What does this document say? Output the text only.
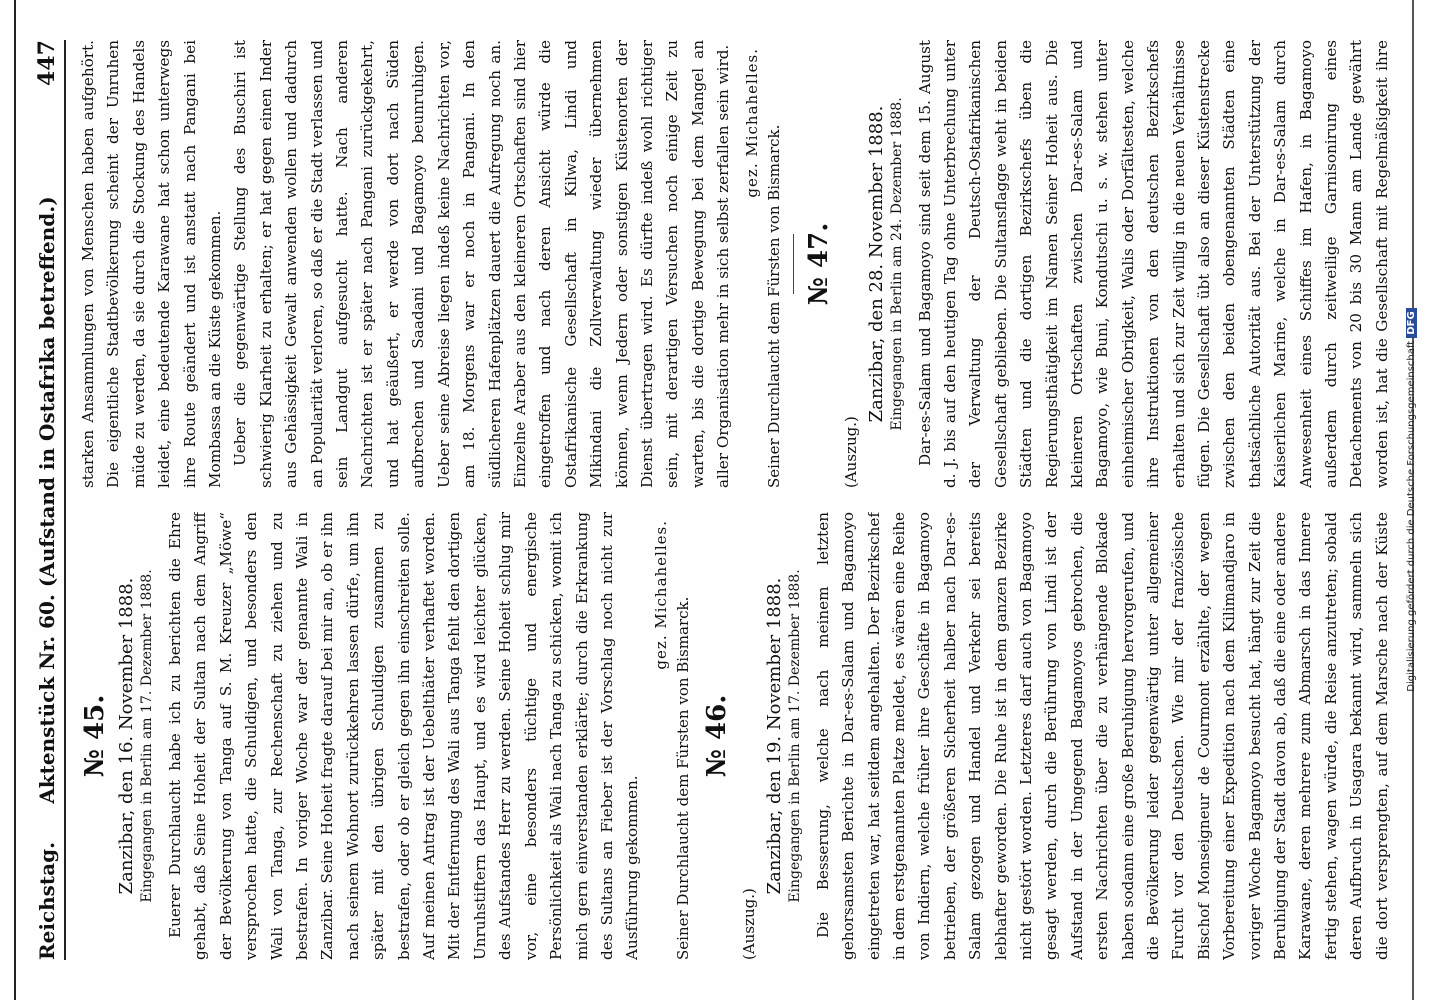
Digitalisierung gefördert durch die Deutsche Forschungsgemeinschaft DFG
Reichstag.
Aktenstück Nr. 60. (Aufstand in Ostafrika betreffend.)
447
№ 45. Zanzibar, den 16. November 1888. Eingegangen in Berlin am 17. Dezember 1888. Euerer Durchlaucht habe ich zu berichten die Ehre gehabt, daß Seine Hoheit der Sultan nach dem Angriff der Bevölkerung von Tanga auf S. M. Kreuzer „Möwe“ versprochen hatte, die Schuldigen, und besonders den Wali von Tanga, zur Rechenschaft zu ziehen und zu bestrafen. In voriger Woche war der genannte Wali in Zanzibar. Seine Hoheit fragte darauf bei mir an, ob er ihn nach seinem Wohnort zurückkehren lassen dürfe, um ihn später mit den übrigen Schuldigen zusammen zu bestrafen, oder ob er gleich gegen ihn einschreiten solle. Auf meinen Antrag ist der Uebelthäter verhaftet worden. Mit der Entfernung des Wali aus Tanga fehlt den dortigen Unruhstiftern das Haupt, und es wird leichter glücken, des Aufstandes Herr zu werden. Seine Hoheit schlug mir vor, eine besonders tüchtige und energische Persönlichkeit als Wali nach Tanga zu schicken, womit ich mich gern einverstanden erklärte; durch die Erkrankung des Sultans an Fieber ist der Vorschlag noch nicht zur Ausführung gekommen.

gez. Michahelles.

Seiner Durchlaucht dem Fürsten von Bismarck. № 46.

(Auszug.)

Zanzibar, den 19. November 1888. Eingegangen in Berlin am 17. Dezember 1888.

Die Besserung, welche nach meinem letzten gehorsamsten Berichte in Dar-es-Salam und Bagamoyo eingetreten war, hat seitdem angehalten. Der Bezirkschef in dem erstgenannten Platze meldet, es wären eine Reihe von Indiern, welche früher ihre Geschäfte in Bagamoyo betrieben, der größeren Sicherheit halber nach Dar-es-Salam gezogen und Handel und Verkehr sei bereits lebhafter geworden. Die Ruhe ist in dem ganzen Bezirke nicht gestört worden. Letzteres darf auch von Bagamoyo gesagt werden, durch die Berührung von Lindi ist der Aufstand in der Umgegend Bagamoyos gebrochen, die ersten Nachrichten über die zu verhängende Blokade haben sodann eine große Beruhigung hervorgerufen, und die Bevölkerung leider gegenwärtig unter allgemeiner Furcht vor den Deutschen. Wie mir der französische Bischof Monseigneur de Courmont erzählte, der wegen Vorbereitung einer Expedition nach dem Kilimandjaro in voriger Woche Bagamoyo besucht hat, hängt zur Zeit die Beruhigung der Stadt davon ab, daß die eine oder andere Karawane, deren mehrere zum Abmarsch in das Innere fertig stehen, wagen würde, die Reise anzutreten; sobald deren Aufbruch in Usagara bekannt wird, sammeln sich die dort versprengten, auf dem Marsche nach der Küste

starken Ansammlungen von Menschen haben aufgehört. Die eigentliche Stadtbevölkerung scheint der Unruhen müde zu werden, da sie durch die Stockung des Handels leidet, eine bedeutende Karawane hat schon unterwegs ihre Route geändert und ist anstatt nach Pangani bei Mombassa an die Küste gekommen. Ueber die gegenwärtige Stellung des Buschiri ist schwierig Klarheit zu erhalten; er hat gegen einen Inder aus Gehässigkeit Gewalt anwenden wollen und dadurch an Popularität verloren, so daß er die Stadt verlassen und sein Landgut aufgesucht hatte. Nach anderen Nachrichten ist er später nach Pangani zurückgekehrt, und hat geäußert, er werde von dort nach Süden aufbrechen und Saadani und Bagamoyo beunruhigen. Ueber seine Abreise liegen indeß keine Nachrichten vor, am 18. Morgens war er noch in Pangani. In den südlicheren Hafenplätzen dauert die Aufregung noch an. Einzelne Araber aus den kleineren Ortschaften sind hier eingetroffen und nach deren Ansicht würde die Ostafrikanische Gesellschaft in Kilwa, Lindi und Mikindani die Zollverwaltung wieder übernehmen können, wenn Jedern oder sonstigen Küstenorten der Dienst übertragen wird. Es dürfte indeß wohl richtiger sein, mit derartigen Versuchen noch einige Zeit zu warten, bis die dortige Bewegung bei dem Mangel an aller Organisation mehr in sich selbst zerfallen sein wird. gez. Michahelles.

Seiner Durchlaucht dem Fürsten von Bismarck. № 47.

(Auszug.)

Zanzibar, den 28. November 1888. Eingegangen in Berlin am 24. Dezember 1888. Dar-es-Salam und Bagamoyo sind seit dem 15. August d. J. bis auf den heutigen Tag ohne Unterbrechung unter der Verwaltung der Deutsch-Ostafrikanischen Gesellschaft geblieben. Die Sultansflagge weht in beiden Städten und die dortigen Bezirkschefs üben die Regierungsthätigkeit im Namen Seiner Hoheit aus. Die kleineren Ortschaften zwischen Dar-es-Salam und Bagamoyo, wie Buni, Kondutschi u. s. w. stehen unter einheimischer Obrigkeit, Walis oder Dorfältesten, welche ihre Instruktionen von den deutschen Bezirkschefs erhalten und sich zur Zeit willig in die neuen Verhältnisse fügen. Die Gesellschaft übt also an dieser Küstenstrecke zwischen den beiden obengenannten Städten eine thatsächliche Autorität aus. Bei der Unterstützung der Kaiserlichen Marine, welche in Dar-es-Salam durch Anwesenheit eines Schiffes im Hafen, in Bagamoyo außerdem durch zeitweilige Garnisonirung eines Detachements von 20 bis 30 Mann am Lande gewährt worden ist, hat die Gesellschaft mit Regelmäßigkeit ihre
